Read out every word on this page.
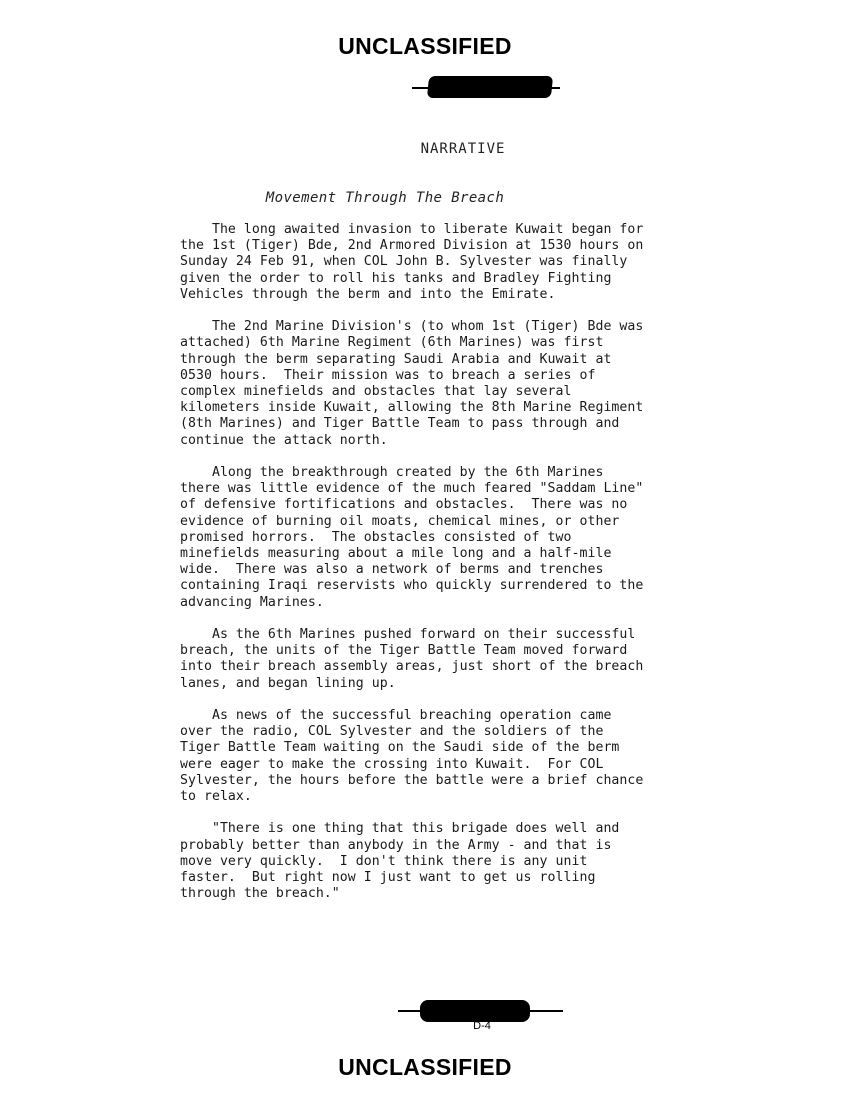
UNCLASSIFIED
NARRATIVE
Movement Through The Breach

The long awaited invasion to liberate Kuwait began for
the 1st (Tiger) Bde, 2nd Armored Division at 1530 hours on
Sunday 24 Feb 91, when COL John B. Sylvester was finally
given the order to roll his tanks and Bradley Fighting
Vehicles through the berm and into the Emirate.

The 2nd Marine Division's (to whom 1st (Tiger) Bde was
attached) 6th Marine Regiment (6th Marines) was first
through the berm separating Saudi Arabia and Kuwait at
0530 hours.  Their mission was to breach a series of
complex minefields and obstacles that lay several
kilometers inside Kuwait, allowing the 8th Marine Regiment
(8th Marines) and Tiger Battle Team to pass through and
continue the attack north.

Along the breakthrough created by the 6th Marines
there was little evidence of the much feared "Saddam Line"
of defensive fortifications and obstacles.  There was no
evidence of burning oil moats, chemical mines, or other
promised horrors.  The obstacles consisted of two
minefields measuring about a mile long and a half-mile
wide.  There was also a network of berms and trenches
containing Iraqi reservists who quickly surrendered to the
advancing Marines.

As the 6th Marines pushed forward on their successful
breach, the units of the Tiger Battle Team moved forward
into their breach assembly areas, just short of the breach
lanes, and began lining up.

As news of the successful breaching operation came
over the radio, COL Sylvester and the soldiers of the
Tiger Battle Team waiting on the Saudi side of the berm
were eager to make the crossing into Kuwait.  For COL
Sylvester, the hours before the battle were a brief chance
to relax.

"There is one thing that this brigade does well and
probably better than anybody in the Army - and that is
move very quickly.  I don't think there is any unit
faster.  But right now I just want to get us rolling
through the breach."

D-4
UNCLASSIFIED
